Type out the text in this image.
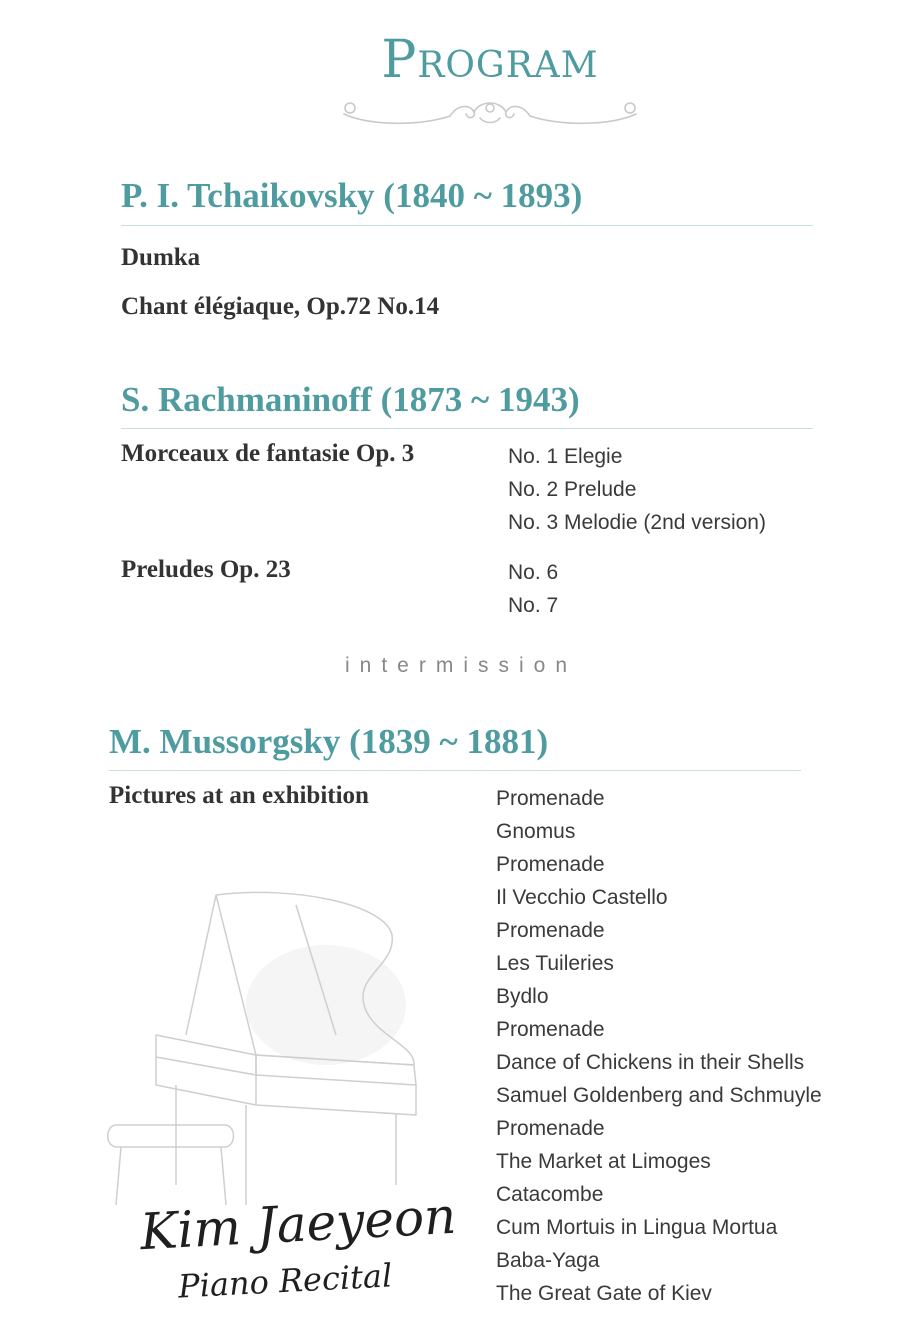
Program
P. I. Tchaikovsky (1840 ~ 1893)
Dumka
Chant élégiaque, Op.72 No.14
S. Rachmaninoff (1873 ~ 1943)
Morceaux de fantasie Op. 3	No. 1 Elegie
No. 2 Prelude
No. 3 Melodie (2nd version)
Preludes Op. 23	No. 6
No. 7
intermission
M. Mussorgsky (1839 ~ 1881)
Pictures at an exhibition
Kim Jaeyeon
Piano Recital
Promenade
Gnomus
Promenade
Il Vecchio Castello
Promenade
Les Tuileries
Bydlo
Promenade
Dance of Chickens in their Shells
Samuel Goldenberg and Schmuyle
Promenade
The Market at Limoges
Catacombe
Cum Mortuis in Lingua Mortua
Baba-Yaga
The Great Gate of Kiev
